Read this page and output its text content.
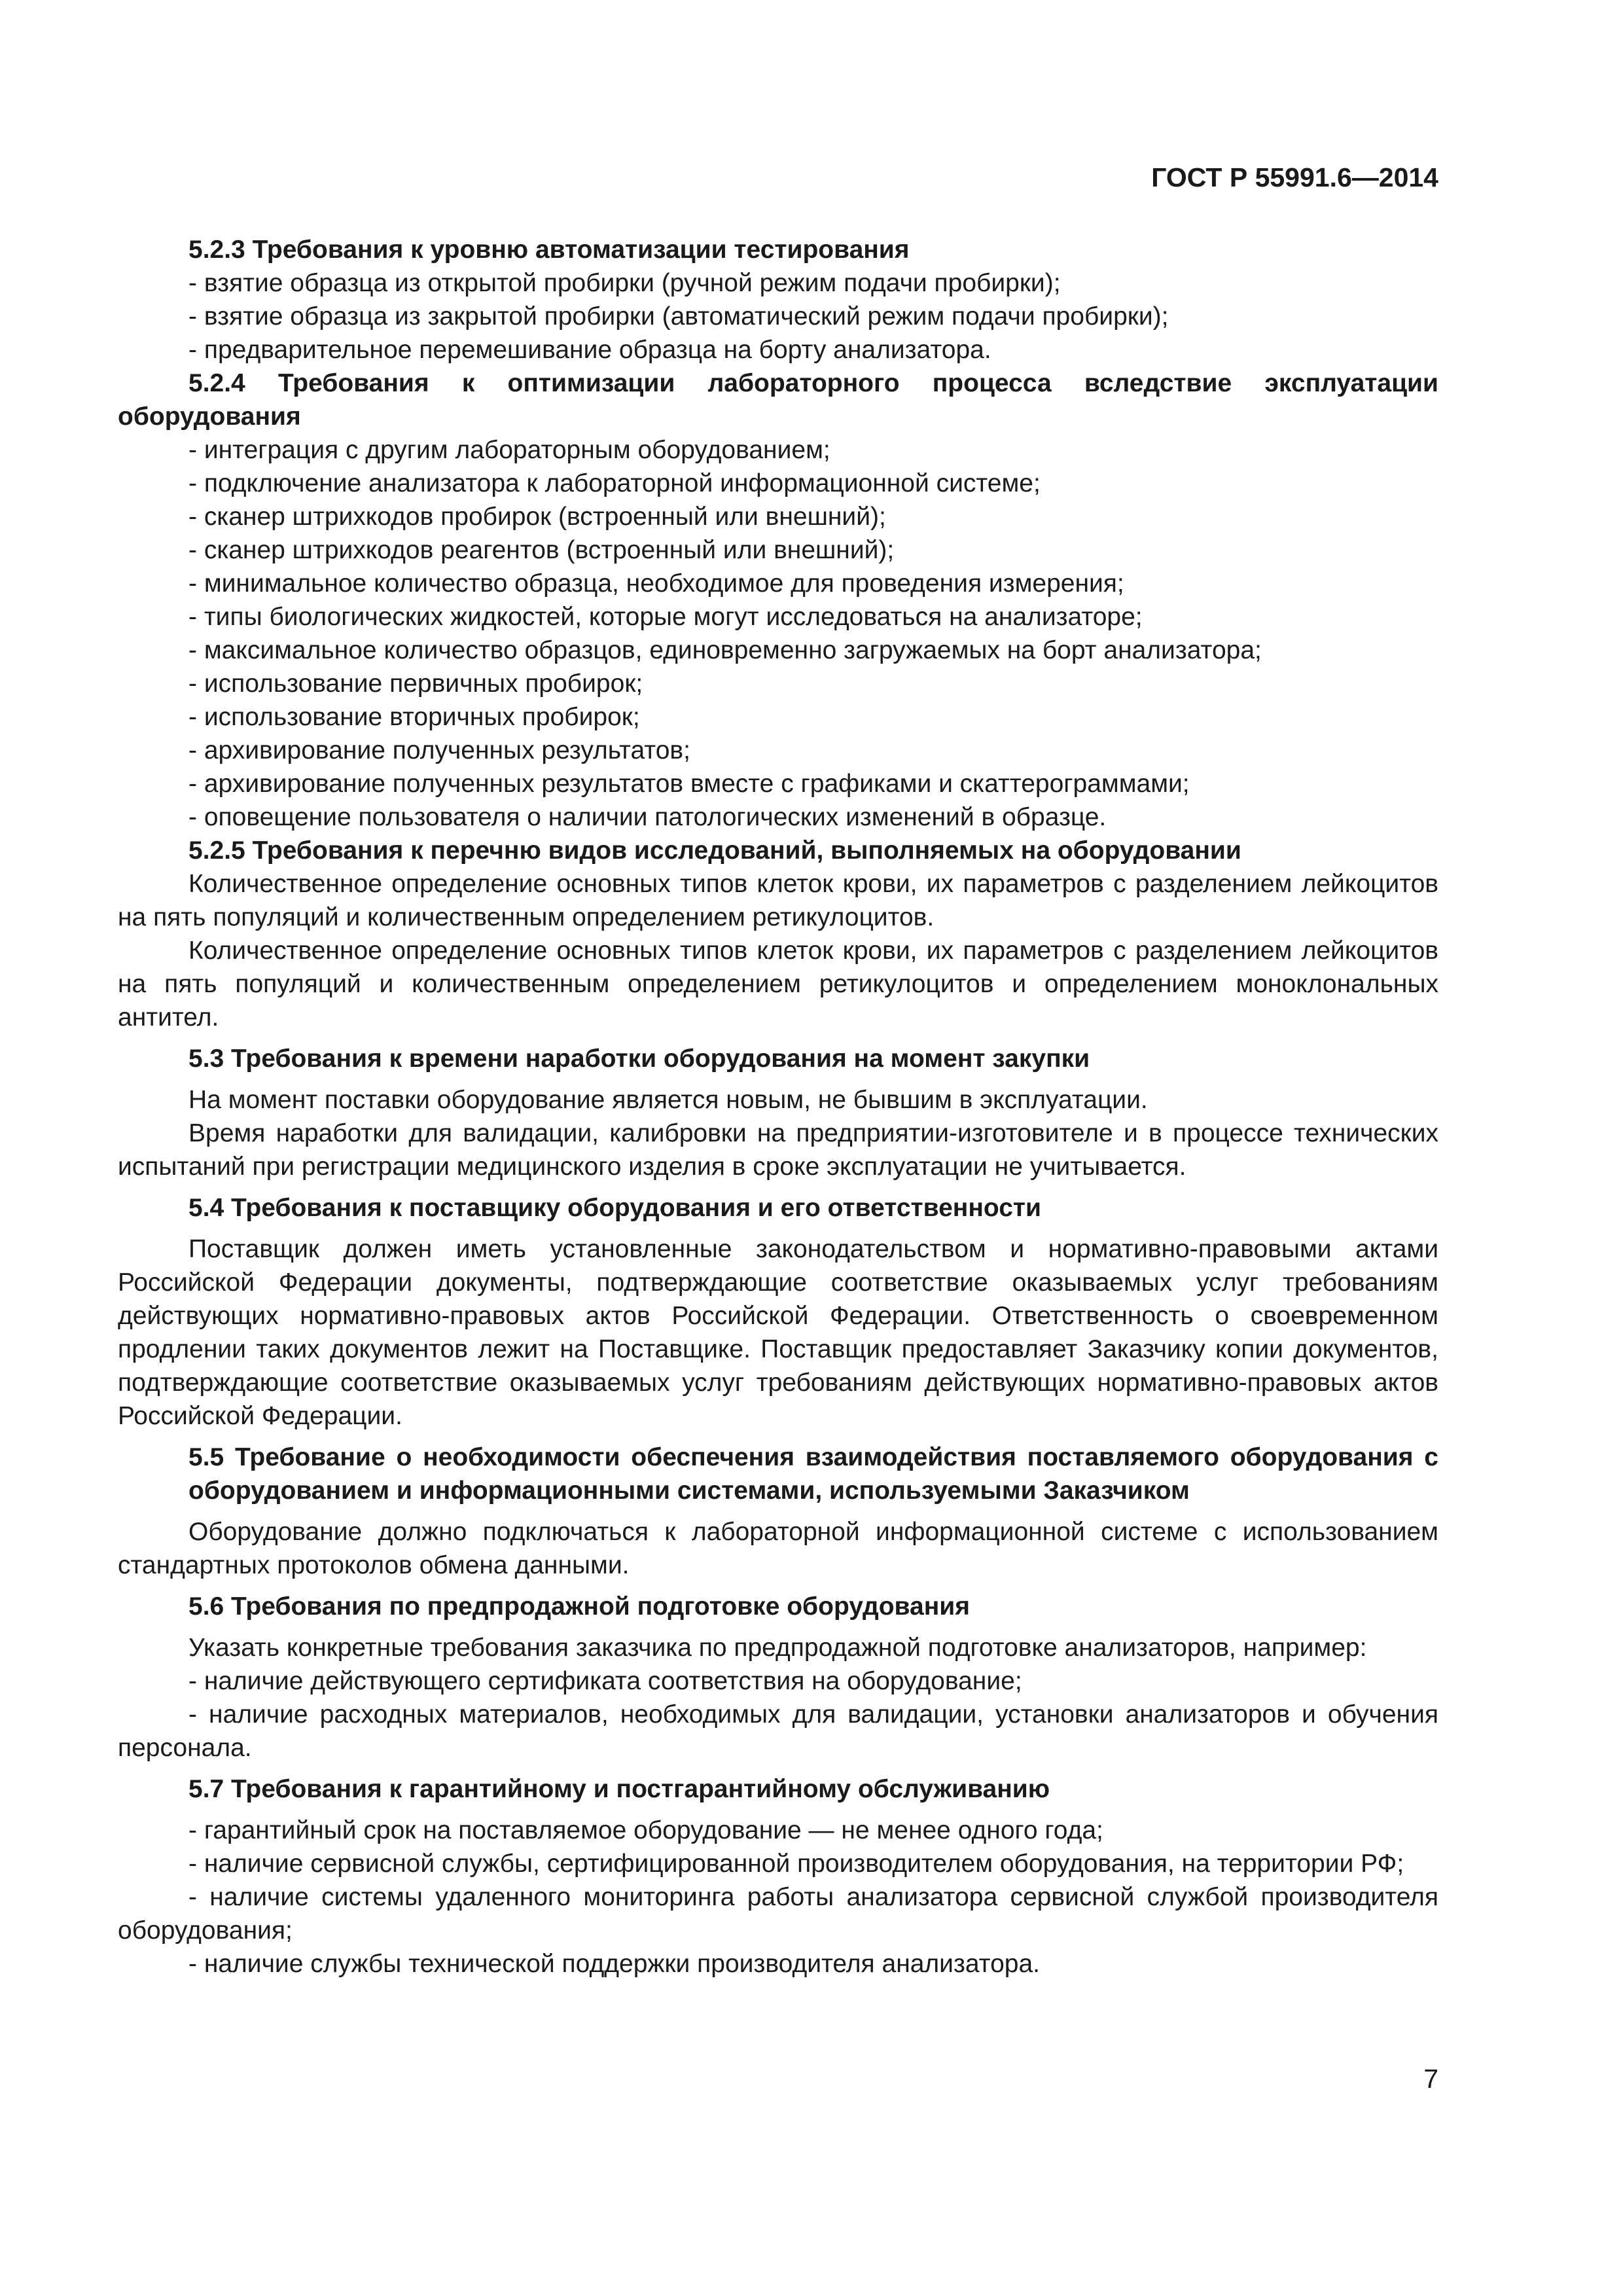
ГОСТ Р 55991.6—2014

5.2.3 Требования к уровню автоматизации тестирования

- взятие образца из открытой пробирки (ручной режим подачи пробирки);

- взятие образца из закрытой пробирки (автоматический режим подачи пробирки);

- предварительное перемешивание образца на борту анализатора.

5.2.4 Требования к оптимизации лабораторного процесса вследствие эксплуатации оборудования

- интеграция с другим лабораторным оборудованием;

- подключение анализатора к лабораторной информационной системе;

- сканер штрихкодов пробирок (встроенный или внешний);

- сканер штрихкодов реагентов (встроенный или внешний);

- минимальное количество образца, необходимое для проведения измерения;

- типы биологических жидкостей, которые могут исследоваться на анализаторе;

- максимальное количество образцов, единовременно загружаемых на борт анализатора;

- использование первичных пробирок;

- использование вторичных пробирок;

- архивирование полученных результатов;

- архивирование полученных результатов вместе с графиками и скаттерограммами;

- оповещение пользователя о наличии патологических изменений в образце.

5.2.5 Требования к перечню видов исследований, выполняемых на оборудовании

Количественное определение основных типов клеток крови, их параметров с разделением лейкоцитов на пять популяций и количественным определением ретикулоцитов.

Количественное определение основных типов клеток крови, их параметров с разделением лейкоцитов на пять популяций и количественным определением ретикулоцитов и определением моноклональных антител.

5.3 Требования к времени наработки оборудования на момент закупки

На момент поставки оборудование является новым, не бывшим в эксплуатации.

Время наработки для валидации, калибровки на предприятии-изготовителе и в процессе технических испытаний при регистрации медицинского изделия в сроке эксплуатации не учитывается.

5.4 Требования к поставщику оборудования и его ответственности

Поставщик должен иметь установленные законодательством и нормативно-правовыми актами Российской Федерации документы, подтверждающие соответствие оказываемых услуг требованиям действующих нормативно-правовых актов Российской Федерации. Ответственность о своевременном продлении таких документов лежит на Поставщике. Поставщик предоставляет Заказчику копии документов, подтверждающие соответствие оказываемых услуг требованиям действующих нормативно-правовых актов Российской Федерации.

5.5 Требование о необходимости обеспечения взаимодействия поставляемого оборудования с оборудованием и информационными системами, используемыми Заказчиком

Оборудование должно подключаться к лабораторной информационной системе с использованием стандартных протоколов обмена данными.

5.6 Требования по предпродажной подготовке оборудования

Указать конкретные требования заказчика по предпродажной подготовке анализаторов, например:

- наличие действующего сертификата соответствия на оборудование;

- наличие расходных материалов, необходимых для валидации, установки анализаторов и обучения персонала.

5.7 Требования к гарантийному и постгарантийному обслуживанию

- гарантийный срок на поставляемое оборудование — не менее одного года;

- наличие сервисной службы, сертифицированной производителем оборудования, на территории РФ;

- наличие системы удаленного мониторинга работы анализатора сервисной службой производителя оборудования;

- наличие службы технической поддержки производителя анализатора.

7
